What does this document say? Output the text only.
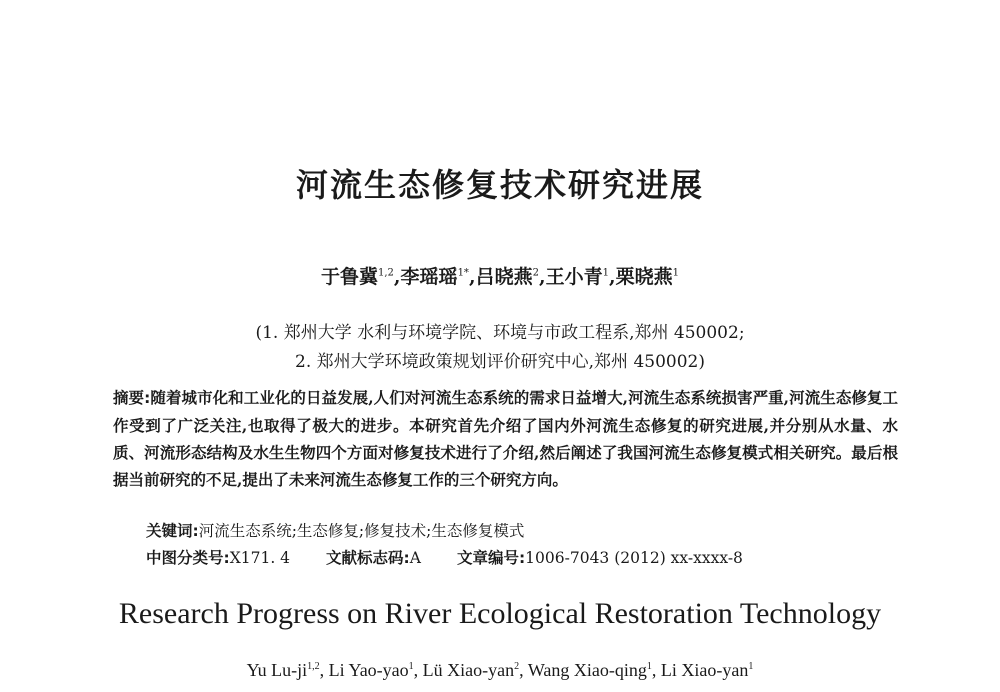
河流生态修复技术研究进展
于鲁冀$^{1,2}$,李瑶瑶$^{1*}$,吕晓燕$^2$,王小青$^1$,栗晓燕$^1$
(1. 郑州大学 水利与环境学院、环境与市政工程系,郑州 450002;
2. 郑州大学环境政策规划评价研究中心,郑州 450002)
摘要:随着城市化和工业化的日益发展,人们对河流生态系统的需求日益增大,河流生态系统损害严重,河流生态修复工作受到了广泛关注,也取得了极大的进步。本研究首先介绍了国内外河流生态修复的研究进展,并分别从水量、水质、河流形态结构及水生生物四个方面对修复技术进行了介绍,然后阐述了我国河流生态修复模式相关研究。最后根据当前研究的不足,提出了未来河流生态修复工作的三个研究方向。
关键词:河流生态系统;生态修复;修复技术;生态修复模式
中图分类号:X171. 4 文献标志码:A 文章编号:1006-7043 (2012) xx-xxxx-8
Research Progress on River Ecological Restoration Technology
Yu Lu-ji$^{1,2}$, Li Yao-yao$^1$, Lü Xiao-yan$^2$, Wang Xiao-qing$^1$, Li Xiao-yan$^1$
